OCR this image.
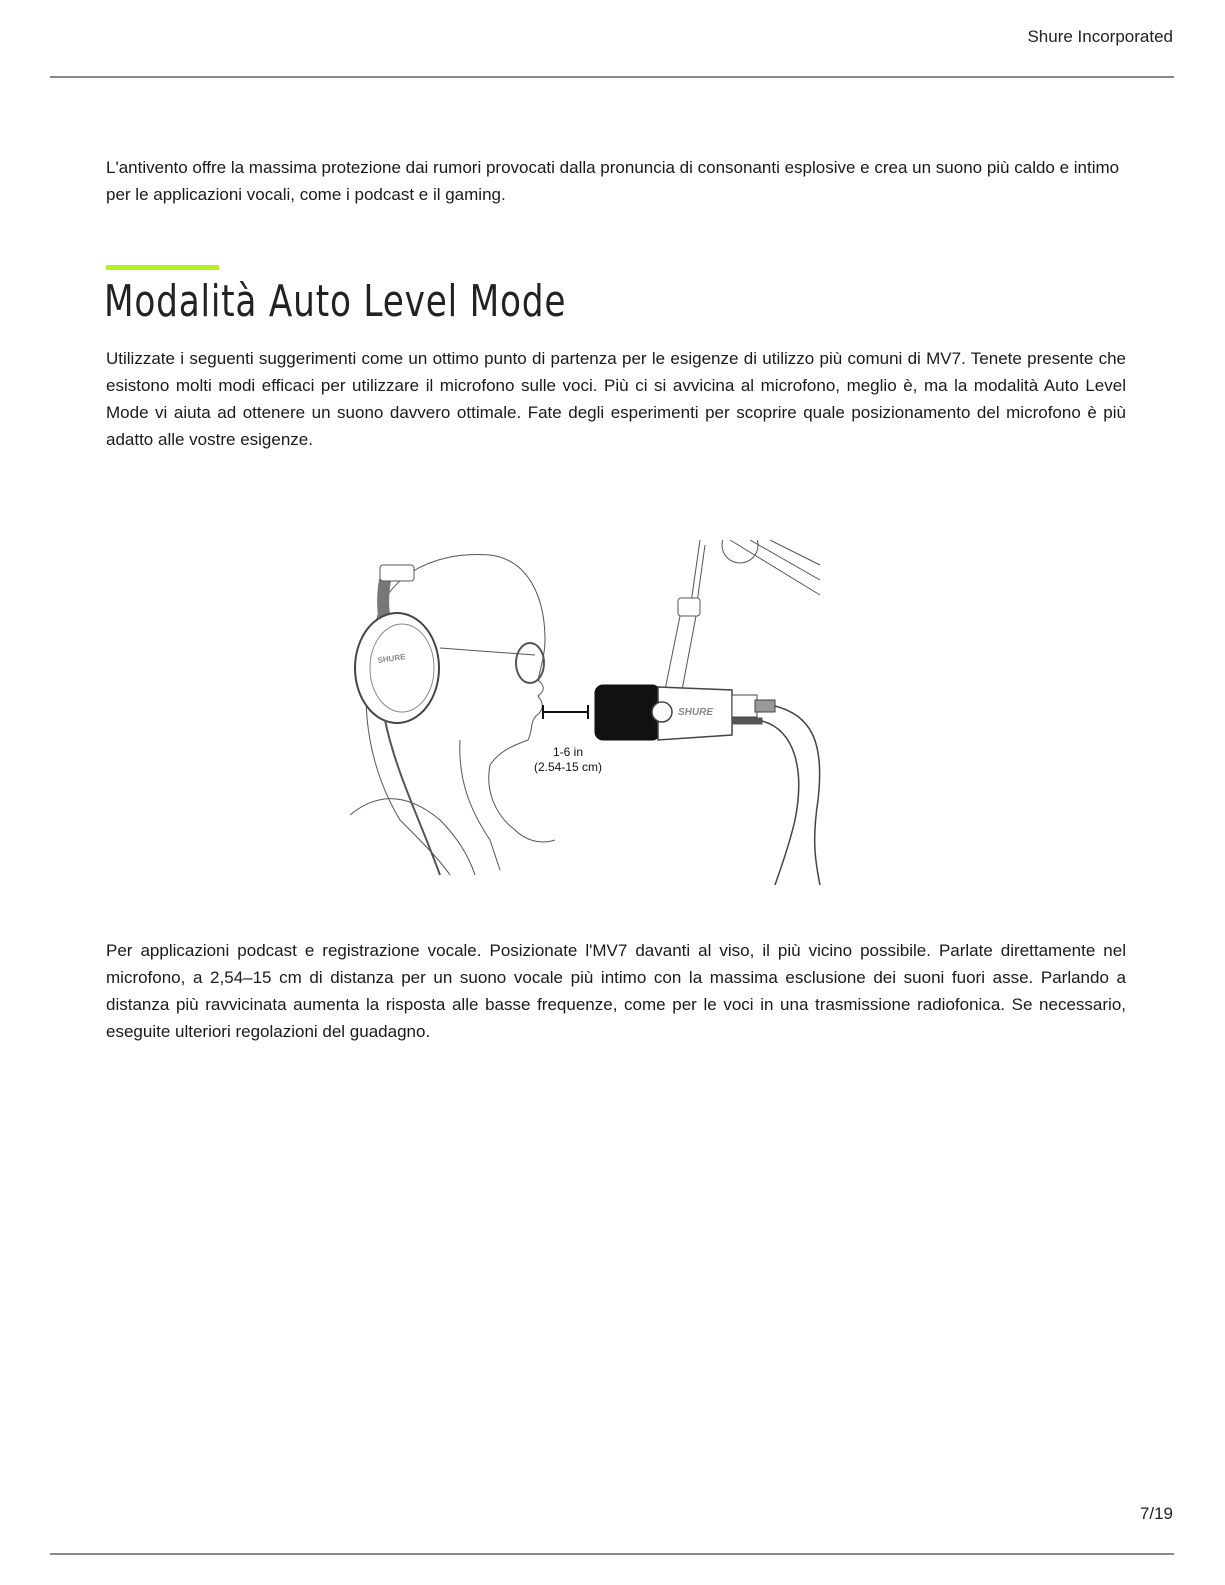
Shure Incorporated

L'antivento offre la massima protezione dai rumori provocati dalla pronuncia di consonanti esplosive e crea un suono più caldo e intimo per le applicazioni vocali, come i podcast e il gaming.

Modalità Auto Level Mode

Utilizzate i seguenti suggerimenti come un ottimo punto di partenza per le esigenze di utilizzo più comuni di MV7. Tenete presente che esistono molti modi efficaci per utilizzare il microfono sulle voci. Più ci si avvicina al microfono, meglio è, ma la modalità Auto Level Mode vi aiuta ad ottenere un suono davvero ottimale. Fate degli esperimenti per scoprire quale posizionamento del microfono è più adatto alle vostre esigenze.

SHURE
SHURE
1-6 in
(2.54-15 cm)

Per applicazioni podcast e registrazione vocale. Posizionate l'MV7 davanti al viso, il più vicino possibile. Parlate direttamente nel microfono, a 2,54–15 cm di distanza per un suono vocale più intimo con la massima esclusione dei suoni fuori asse. Parlando a distanza più ravvicinata aumenta la risposta alle basse frequenze, come per le voci in una trasmissione radiofonica. Se necessario, eseguite ulteriori regolazioni del guadagno.

7/19
